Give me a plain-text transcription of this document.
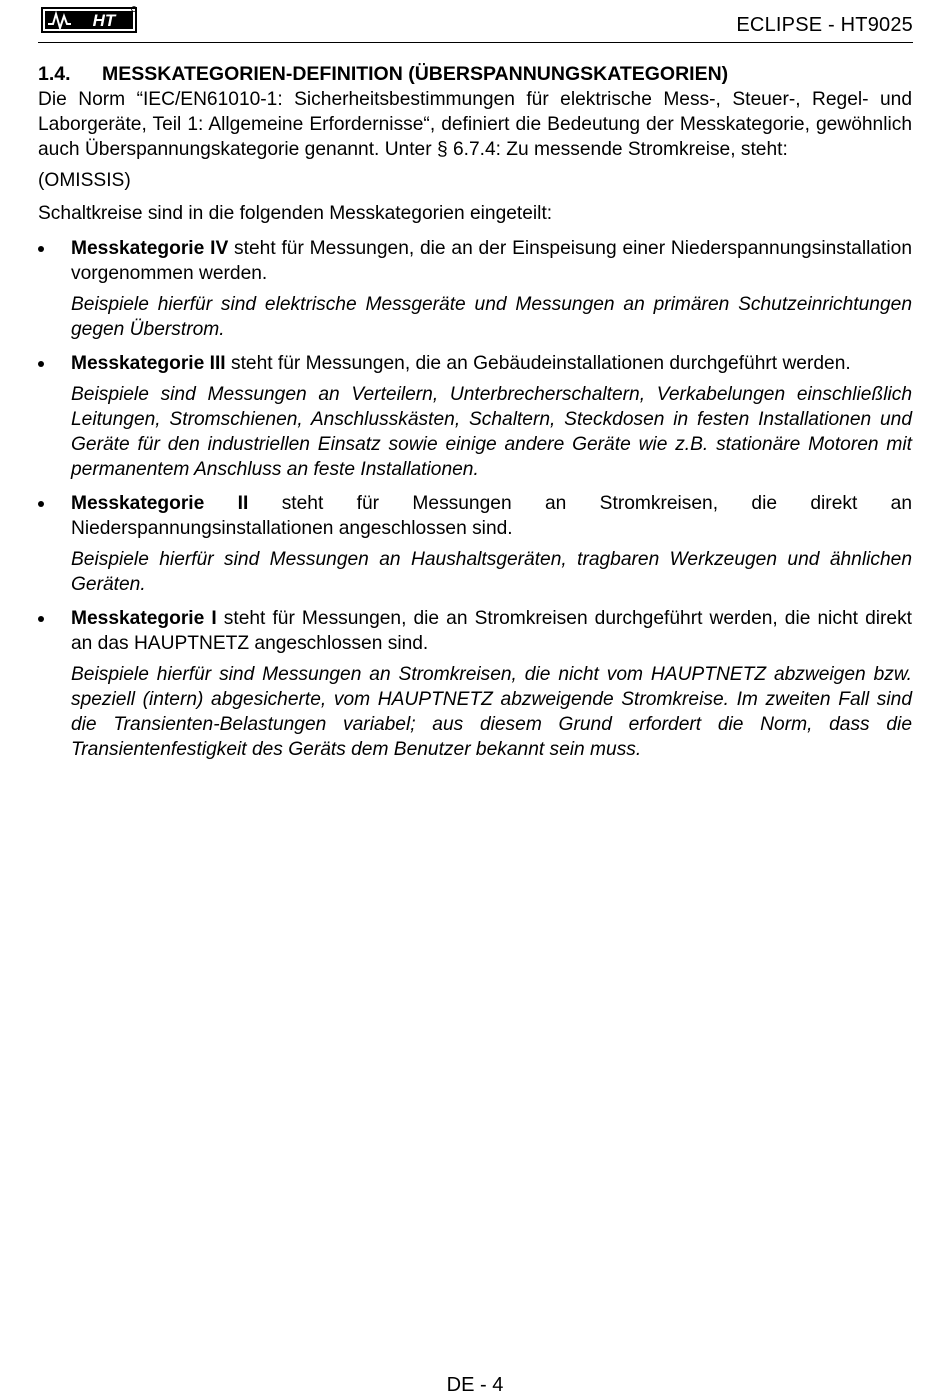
HT	ECLIPSE - HT9025
1.4. MESSKATEGORIEN-DEFINITION (ÜBERSPANNUNGSKATEGORIEN)

Die Norm “IEC/EN61010-1: Sicherheitsbestimmungen für elektrische Mess-, Steuer-, Regel- und Laborgeräte, Teil 1: Allgemeine Erfordernisse“, definiert die Bedeutung der Messkategorie, gewöhnlich auch Überspannungskategorie genannt. Unter § 6.7.4: Zu messende Stromkreise, steht:

(OMISSIS)

Schaltkreise sind in die folgenden Messkategorien eingeteilt:

Messkategorie IV steht für Messungen, die an der Einspeisung einer Niederspannungsinstallation vorgenommen werden.

Beispiele hierfür sind elektrische Messgeräte und Messungen an primären Schutzeinrichtungen gegen Überstrom.

Messkategorie III steht für Messungen, die an Gebäudeinstallationen durchgeführt werden.

Beispiele sind Messungen an Verteilern, Unterbrecherschaltern, Verkabelungen einschließlich Leitungen, Stromschienen, Anschlusskästen, Schaltern, Steckdosen in festen Installationen und Geräte für den industriellen Einsatz sowie einige andere Geräte wie z.B. stationäre Motoren mit permanentem Anschluss an feste Installationen.

Messkategorie II steht für Messungen an Stromkreisen, die direkt an Niederspannungsinstallationen angeschlossen sind.

Beispiele hierfür sind Messungen an Haushaltsgeräten, tragbaren Werkzeugen und ähnlichen Geräten.

Messkategorie I steht für Messungen, die an Stromkreisen durchgeführt werden, die nicht direkt an das HAUPTNETZ angeschlossen sind.

Beispiele hierfür sind Messungen an Stromkreisen, die nicht vom HAUPTNETZ abzweigen bzw. speziell (intern) abgesicherte, vom HAUPTNETZ abzweigende Stromkreise. Im zweiten Fall sind die Transienten-Belastungen variabel; aus diesem Grund erfordert die Norm, dass die Transientenfestigkeit des Geräts dem Benutzer bekannt sein muss.

DE - 4
